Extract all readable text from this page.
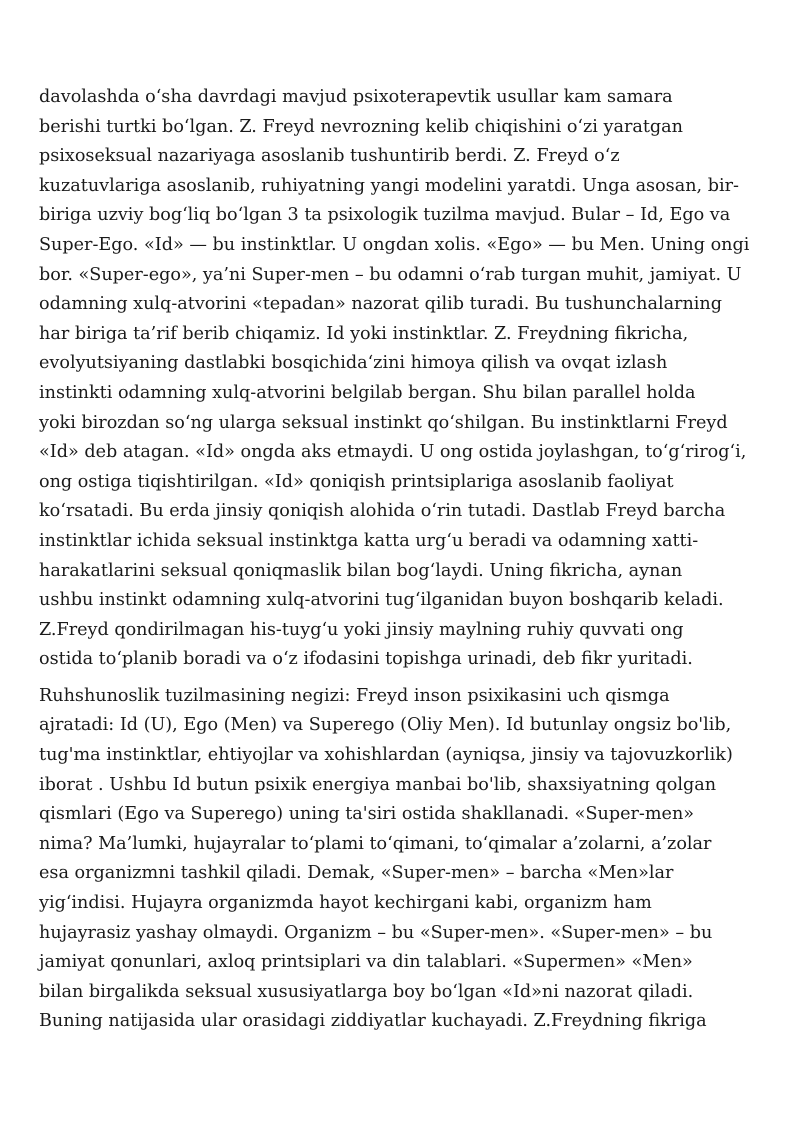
davolashda oʻsha davrdagi mavjud psixoterapevtik usullar kam samara
berishi turtki boʻlgan. Z. Freyd nevrozning kelib chiqishini oʻzi yaratgan
psixoseksual nazariyaga asoslanib tushuntirib berdi. Z. Freyd oʻz
kuzatuvlariga asoslanib, ruhiyatning yangi modelini yaratdi. Unga asosan, bir-
biriga uzviy bogʻliq boʻlgan 3 ta psixologik tuzilma mavjud. Bular – Id, Ego va
Super-Ego. «Id» — bu instinktlar. U ongdan xolis. «Ego» — bu Men. Uning ongi
bor. «Super-ego», ya’ni Super-men – bu odamni oʻrab turgan muhit, jamiyat. U
odamning xulq-atvorini «tepadan» nazorat qilib turadi. Bu tushunchalarning
har biriga ta’rif berib chiqamiz. Id yoki instinktlar. Z. Freydning fikricha,
evolyutsiyaning dastlabki bosqichidaʻzini himoya qilish va ovqat izlash
instinkti odamning xulq-atvorini belgilab bergan. Shu bilan parallel holda
yoki birozdan soʻng ularga seksual instinkt qoʻshilgan. Bu instinktlarni Freyd
«Id» deb atagan. «Id» ongda aks etmaydi. U ong ostida joylashgan, toʻgʻrirogʻi,
ong ostiga tiqishtirilgan. «Id» qoniqish printsiplariga asoslanib faoliyat
koʻrsatadi. Bu erda jinsiy qoniqish alohida oʻrin tutadi. Dastlab Freyd barcha
instinktlar ichida seksual instinktga katta urgʻu beradi va odamning xatti-
harakatlarini seksual qoniqmaslik bilan bogʻlaydi. Uning fikricha, aynan
ushbu instinkt odamning xulq-atvorini tugʻilganidan buyon boshqarib keladi.
Z.Freyd qondirilmagan his-tuygʻu yoki jinsiy maylning ruhiy quvvati ong
ostida toʻplanib boradi va oʻz ifodasini topishga urinadi, deb fikr yuritadi.

Ruhshunoslik tuzilmasining negizi: Freyd inson psixikasini uch qismga
ajratadi: Id (U), Ego (Men) va Superego (Oliy Men). Id butunlay ongsiz bo'lib,
tug'ma instinktlar, ehtiyojlar va xohishlardan (ayniqsa, jinsiy va tajovuzkorlik)
iborat . Ushbu Id butun psixik energiya manbai bo'lib, shaxsiyatning qolgan
qismlari (Ego va Superego) uning ta'siri ostida shakllanadi. «Super-men»
nima? Ma’lumki, hujayralar toʻplami toʻqimani, toʻqimalar a’zolarni, a’zolar
esa organizmni tashkil qiladi. Demak, «Super-men» – barcha «Men»lar
yigʻindisi. Hujayra organizmda hayot kechirgani kabi, organizm ham
hujayrasiz yashay olmaydi. Organizm – bu «Super-men». «Super-men» – bu
jamiyat qonunlari, axloq printsiplari va din talablari. «Supermen» «Men»
bilan birgalikda seksual xususiyatlarga boy boʻlgan «Id»ni nazorat qiladi.
Buning natijasida ular orasidagi ziddiyatlar kuchayadi. Z.Freydning fikriga
